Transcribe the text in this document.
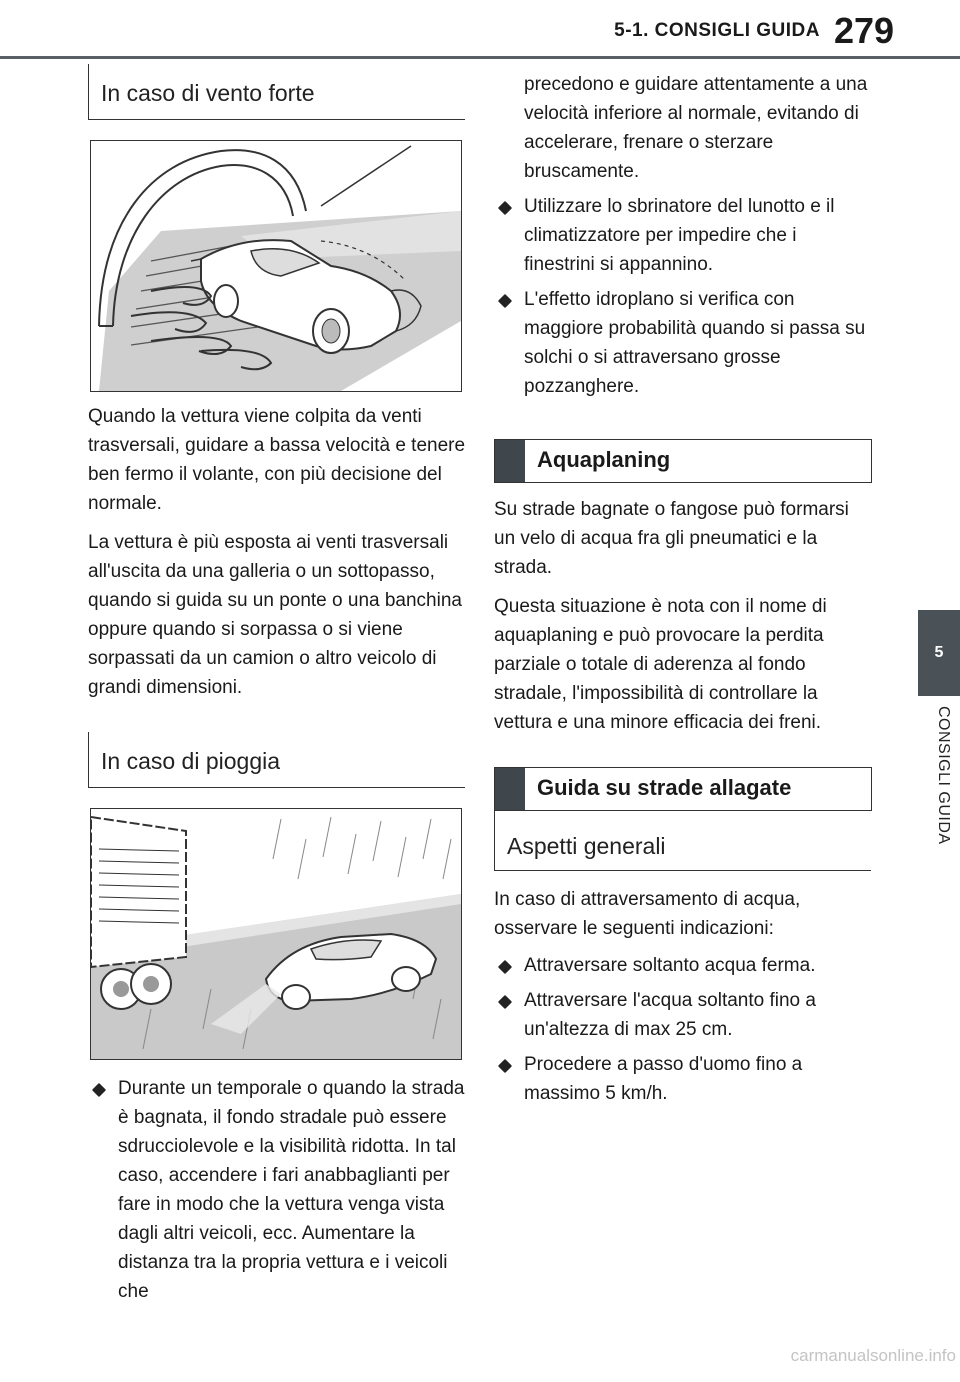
5-1. CONSIGLI GUIDA 279
5
CONSIGLI GUIDA
In caso di vento forte

Quando la vettura viene colpita da venti trasversali, guidare a bassa velocità e tenere ben fermo il volante, con più decisione del normale.

La vettura è più esposta ai venti trasversali all'uscita da una galleria o un sottopasso, quando si guida su un ponte o una banchina oppure quando si sorpassa o si viene sorpassati da un camion o altro veicolo di grandi dimensioni.

In caso di pioggia
Durante un temporale o quando la strada è bagnata, il fondo stradale può essere sdrucciolevole e la visibilità ridotta. In tal caso, accendere i fari anabbaglianti per fare in modo che la vettura venga vista dagli altri veicoli, ecc. Aumentare la distanza tra la propria vettura e i veicoli che

precedono e guidare attentamente a una velocità inferiore al normale, evitando di accelerare, frenare o sterzare bruscamente.

Utilizzare lo sbrinatore del lunotto e il climatizzatore per impedire che i finestrini si appannino.
L'effetto idroplano si verifica con maggiore probabilità quando si passa su solchi o si attraversano grosse pozzanghere.
Aquaplaning

Su strade bagnate o fangose può formarsi un velo di acqua fra gli pneumatici e la strada.

Questa situazione è nota con il nome di aquaplaning e può provocare la perdita parziale o totale di aderenza al fondo stradale, l'impossibilità di controllare la vettura e una minore efficacia dei freni.

Guida su strade allagate
Aspetti generali

In caso di attraversamento di acqua, osservare le seguenti indicazioni:

Attraversare soltanto acqua ferma.
Attraversare l'acqua soltanto fino a un'altezza di max 25 cm.
Procedere a passo d'uomo fino a massimo 5 km/h.
carmanualsonline.info
